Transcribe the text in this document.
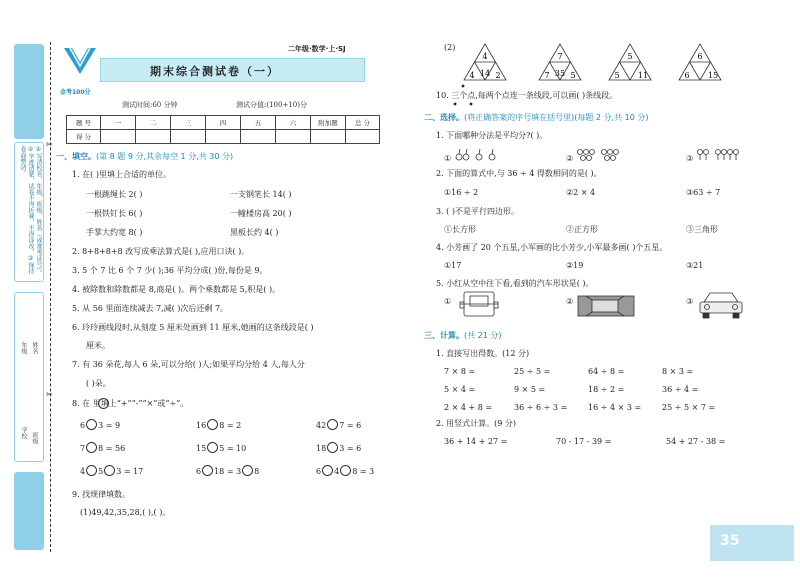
①写清校名、年级、班级、姓名（或准考证号）。②字迹清楚，试卷不得折叠，不得涂改。③保持卷面整洁。
学校 班级
年级 姓名
✂
✂
金考100分
二年级·数学·上·SJ
期末综合测试卷（一）
测试时间:60 分钟	测试分值:(100+10)分
题 号	一	二	三	四	五	六	附加题	总 分
得 分								
一、填空。(第 8 题 9 分,其余每空 1 分,共 30 分)
1. 在( )里填上合适的单位。
一根跳绳长 2( )	一支钢笔长 14( )
一根铁钉长 6( )	一幢楼房高 20( )
手掌大约宽 8( )	黑板长约 4( )
2. 8+8+8+8 改写成乘法算式是( ),应用口诀( )。
3. 5 个 7 比 6 个 7 少( );36 平均分成( )份,每份是 9。
4. 被除数和除数都是 8,商是( )。两个乘数都是 5,积是( )。
5. 从 56 里面连续减去 7,减( )次后还剩 7。
6. 玲玲画线段时,从刻度 5 厘米处画到 11 厘米,她画的这条线段是( )
厘米。
7. 有 36 朵花,每人 6 朵,可以分给( )人;如果平均分给 4 人,每人分
( )朵。
8. 在 里填上“+”“-”“×”或“÷”。
6 3 = 9	16 8 = 2	42 7 = 6
7 8 = 56	15 5 = 10	18 3 = 6
4 5 3 = 17	6 18 = 3 8	6 4 8 = 3
9. 找规律填数。
(1)49,42,35,28,( ),( )。
(2)
4
14
4	2
7
35
7	5
5
5 11
6
6 15
10. 三个点,每两个点连一条线段,可以画( )条线段。
二、选择。(将正确答案的序号填在括号里)(每题 2 分,共 10 分)
1. 下面哪种分法是平均分?( )。
①	②	③
2. 下面的算式中,与 36 ÷ 4 得数相同的是( )。
①16 ÷ 2	②2 × 4	③63 ÷ 7
3. ( )不是平行四边形。
①长方形	②正方形	③三角形
4. 小芳画了 20 个五星,小军画的比小芳少,小军最多画( )个五星。
①17	②19	③21
5. 小红从空中往下看,看到的汽车形状是( )。
①	②	③
三、计算。(共 21 分)
1. 直接写出得数。(12 分)
7 × 8 =	25 ÷ 5 =	64 ÷ 8 =	8 × 3 =
5 × 4 =	9 × 5 =	18 ÷ 2 =	36 ÷ 4 =
2 × 4 + 8 =	36 ÷ 6 ÷ 3 =	16 ÷ 4 × 3 =	25 ÷ 5 × 7 =
2. 用竖式计算。(9 分)
36 + 14 + 27 =	70 - 17 - 39 =	54 + 27 - 38 =
35
